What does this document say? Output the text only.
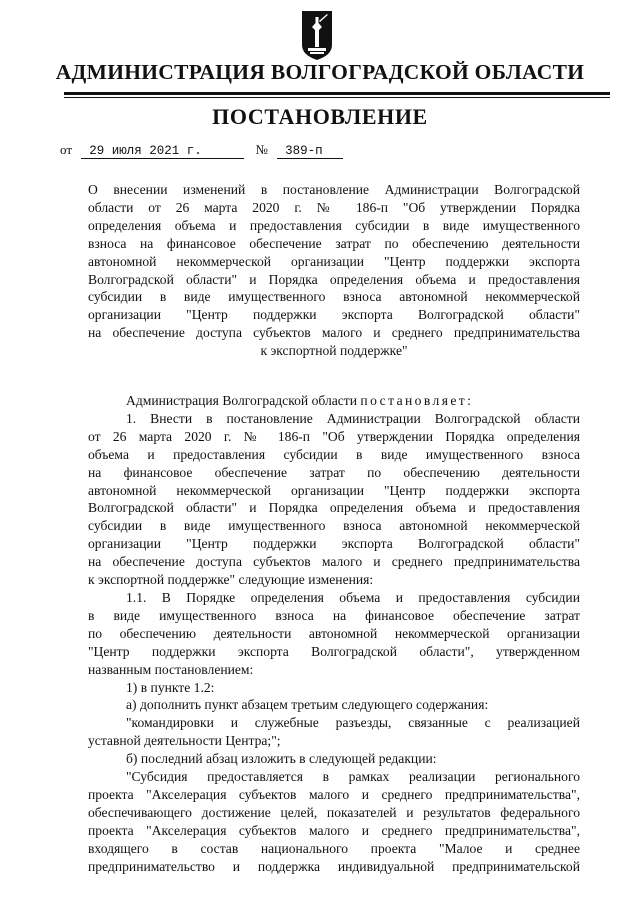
АДМИНИСТРАЦИЯ ВОЛГОГРАДСКОЙ ОБЛАСТИ
ПОСТАНОВЛЕНИЕ
от 29 июля 2021 г.	№ 389-п
О внесении изменений в постановление Администрации Волгоградской
области от 26 марта 2020 г. № 186-п "Об утверждении Порядка
определения объема и предоставления субсидии в виде имущественного
взноса на финансовое обеспечение затрат по обеспечению деятельности
автономной некоммерческой организации "Центр поддержки экспорта
Волгоградской области" и Порядка определения объема и предоставления
субсидии в виде имущественного взноса автономной некоммерческой
организации "Центр поддержки экспорта Волгоградской области"
на обеспечение доступа субъектов малого и среднего предпринимательства
к экспортной поддержке"
Администрация Волгоградской области постановляет:
1. Внести в постановление Администрации Волгоградской области
от 26 марта 2020 г. № 186-п "Об утверждении Порядка определения
объема и предоставления субсидии в виде имущественного взноса
на финансовое обеспечение затрат по обеспечению деятельности
автономной некоммерческой организации "Центр поддержки экспорта
Волгоградской области" и Порядка определения объема и предоставления
субсидии в виде имущественного взноса автономной некоммерческой
организации "Центр поддержки экспорта Волгоградской области"
на обеспечение доступа субъектов малого и среднего предпринимательства
к экспортной поддержке" следующие изменения:
1.1. В Порядке определения объема и предоставления субсидии
в виде имущественного взноса на финансовое обеспечение затрат
по обеспечению деятельности автономной некоммерческой организации
"Центр поддержки экспорта Волгоградской области", утвержденном
названным постановлением:
1) в пункте 1.2:
а) дополнить пункт абзацем третьим следующего содержания:
"командировки и служебные разъезды, связанные с реализацией
уставной деятельности Центра;";
б) последний абзац изложить в следующей редакции:
"Субсидия предоставляется в рамках реализации регионального
проекта "Акселерация субъектов малого и среднего предпринимательства",
обеспечивающего достижение целей, показателей и результатов федерального
проекта "Акселерация субъектов малого и среднего предпринимательства",
входящего в состав национального проекта "Малое и среднее
предпринимательство и поддержка индивидуальной предпринимательской
